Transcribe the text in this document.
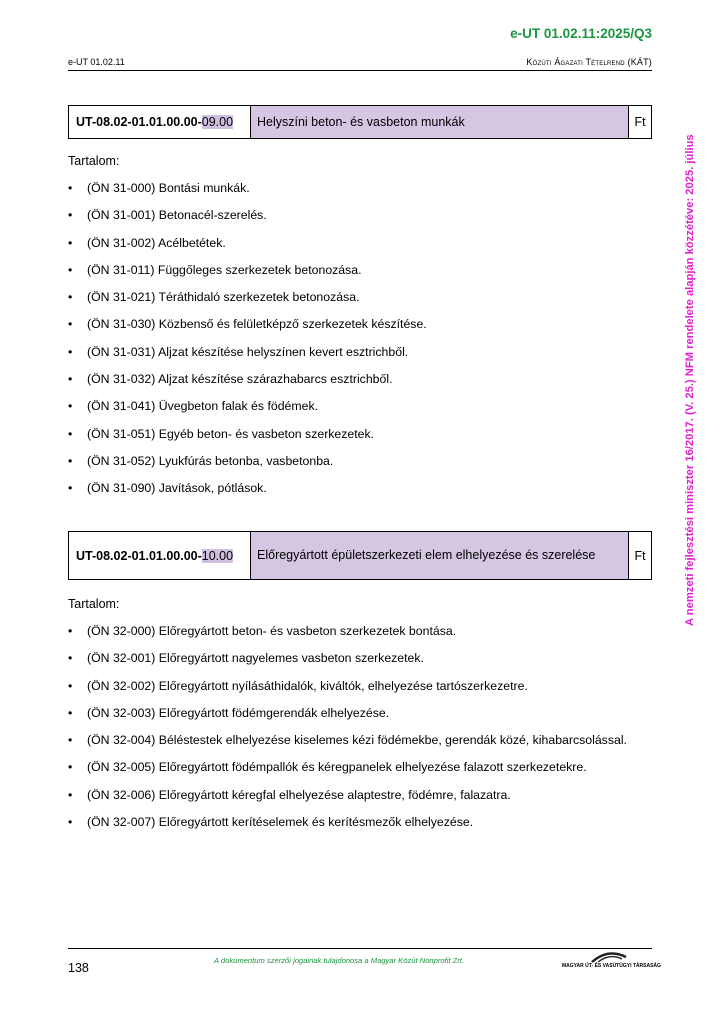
e-UT 01.02.11:2025/Q3
e-UT 01.02.11	Közúti Ágazati Tételrend (KÁT)
A nemzeti fejlesztési miniszter 16/2017. (V. 25.) NFM rendelete alapján közzétéve: 2025. július
UT-08.02-01.01.00.00- 09.00	Helyszíni beton- és vasbeton munkák	Ft
Tartalom:
• (ÖN 31-000) Bontási munkák.
• (ÖN 31-001) Betonacél-szerelés.
• (ÖN 31-002) Acélbetétek.
• (ÖN 31-011) Függőleges szerkezetek betonozása.
• (ÖN 31-021) Téráthidaló szerkezetek betonozása.
• (ÖN 31-030) Közbenső és felületképző szerkezetek készítése.
• (ÖN 31-031) Aljzat készítése helyszínen kevert esztrichből.
• (ÖN 31-032) Aljzat készítése szárazhabarcs esztrichből.
• (ÖN 31-041) Üvegbeton falak és födémek.
• (ÖN 31-051) Egyéb beton- és vasbeton szerkezetek.
• (ÖN 31-052) Lyukfúrás betonba, vasbetonba.
• (ÖN 31-090) Javítások, pótlások.
UT-08.02-01.01.00.00- 10.00	Előregyártott épületszerkezeti elem elhelyezése és szerelése	Ft
Tartalom:
• (ÖN 32-000) Előregyártott beton- és vasbeton szerkezetek bontása.
• (ÖN 32-001) Előregyártott nagyelemes vasbeton szerkezetek.
• (ÖN 32-002) Előregyártott nyílásáthidalók, kiváltók, elhelyezése tartószerkezetre.
• (ÖN 32-003) Előregyártott födémgerendák elhelyezése.
• (ÖN 32-004) Béléstestek elhelyezése kiselemes kézi födémekbe, gerendák közé, kihabarcsolással.
• (ÖN 32-005) Előregyártott födémpallók és kéregpanelek elhelyezése falazott szerkezetekre.
• (ÖN 32-006) Előregyártott kéregfal elhelyezése alaptestre, födémre, falazatra.
• (ÖN 32-007) Előregyártott kerítéselemek és kerítésmezők elhelyezése.
138
A dokumentum szerzői jogainak tulajdonosa a Magyar Közút Nonprofit Zrt.
MAGYAR ÚT- ÉS VASÚTÜGYI TÁRSASÁG
